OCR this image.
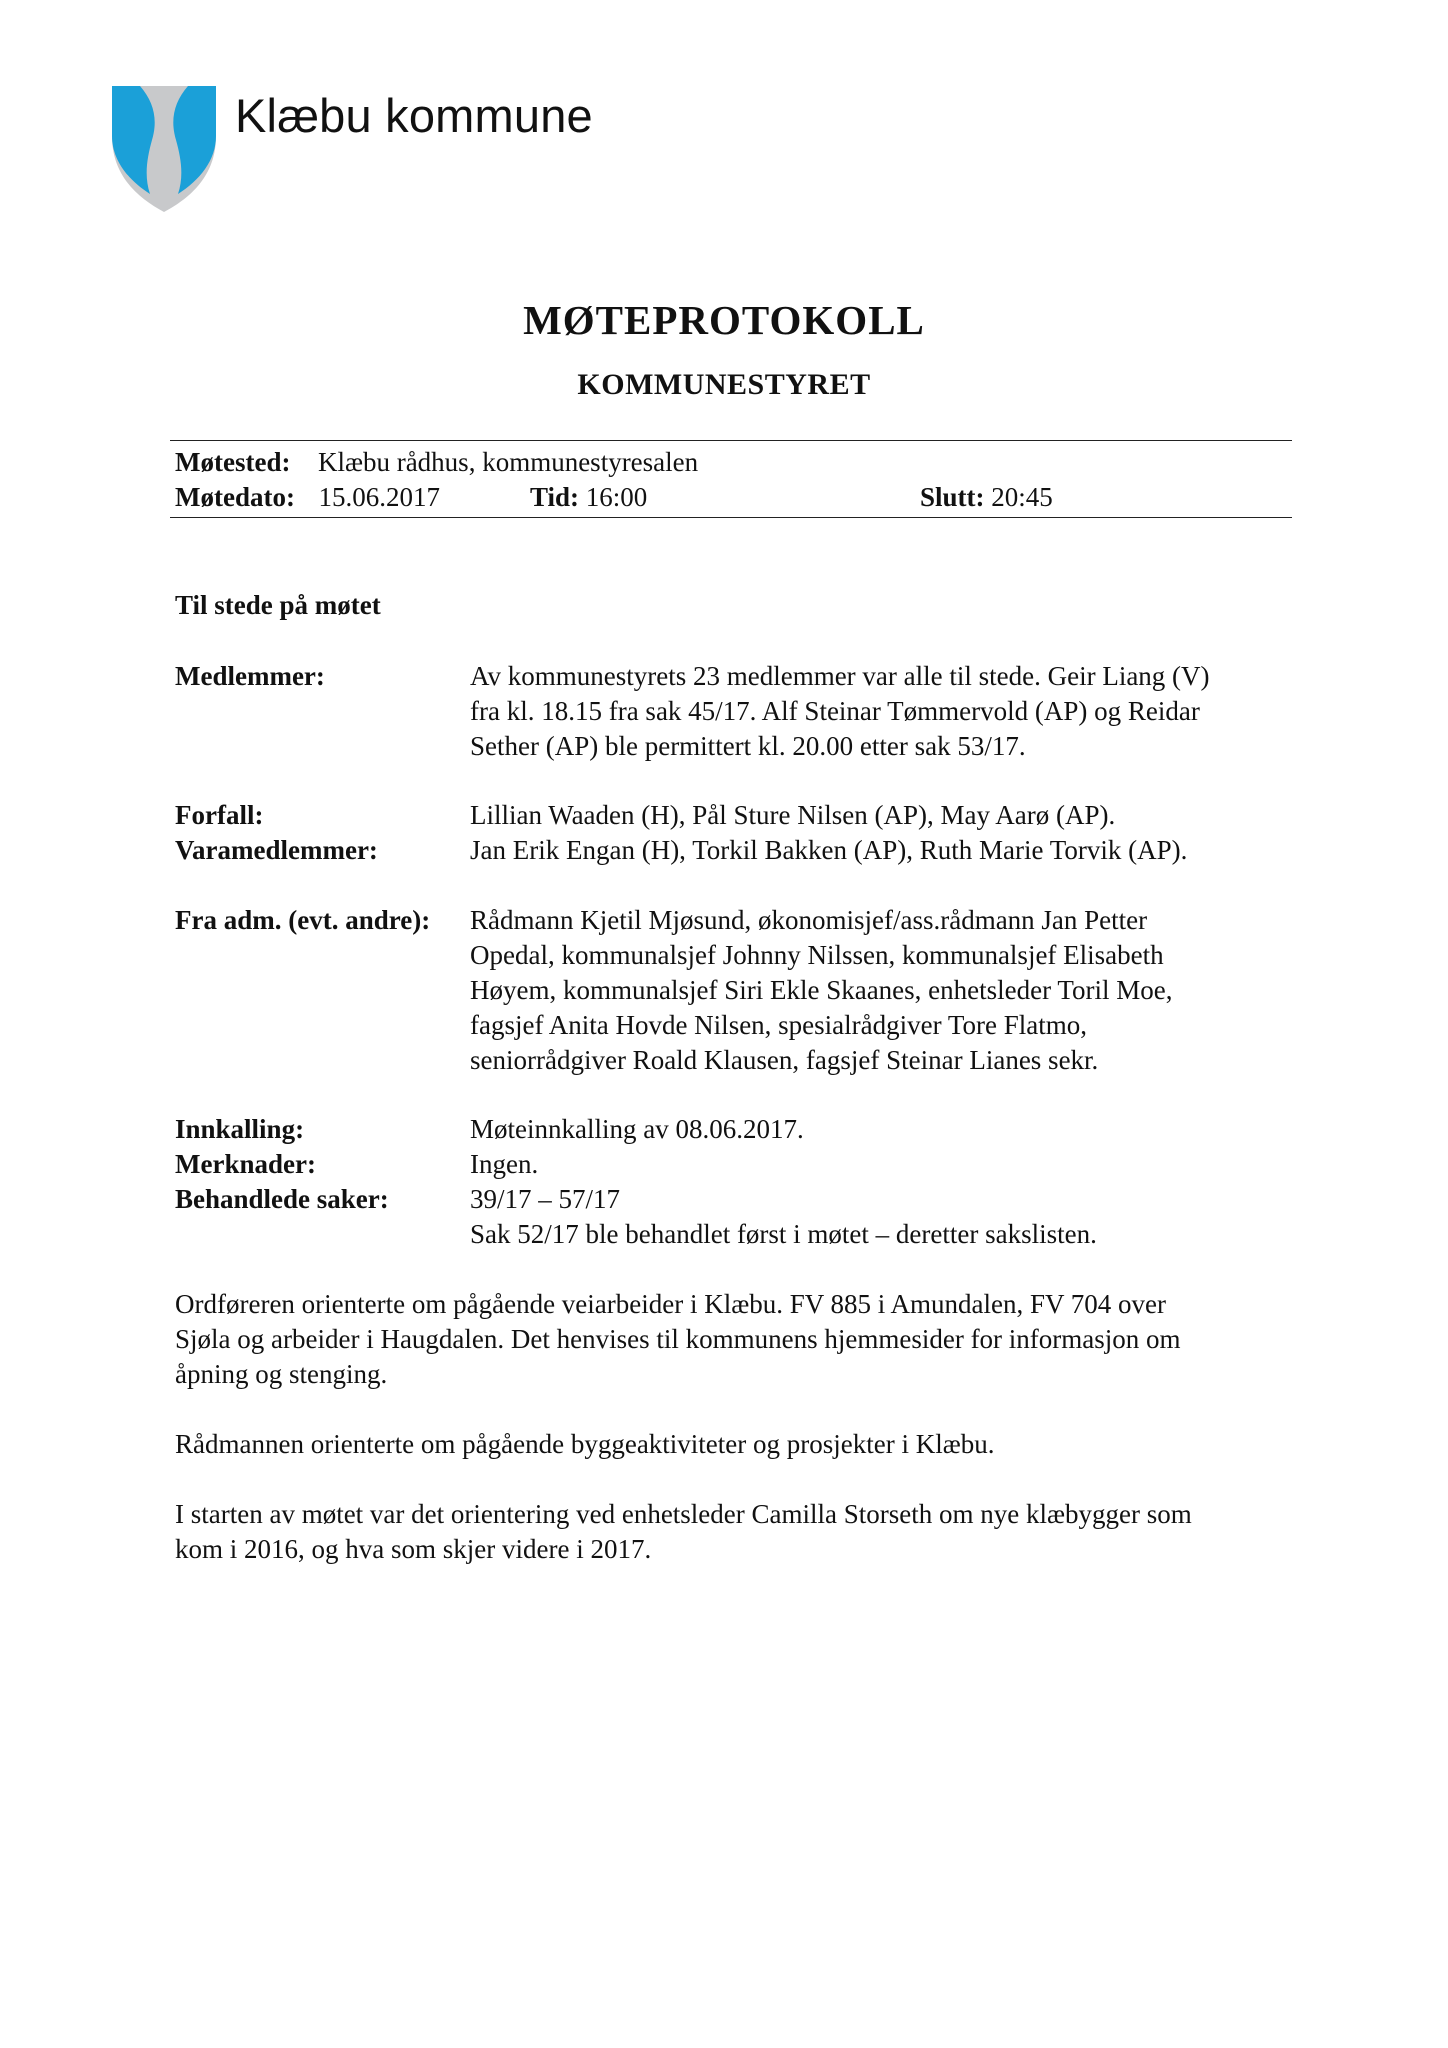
Klæbu kommune
MØTEPROTOKOLL
KOMMUNESTYRET
Møtested: Klæbu rådhus, kommunestyresalen
Møtedato: 15.06.2017	Tid: 16:00	Slutt: 20:45
Til stede på møtet
Medlemmer:	Av kommunestyrets 23 medlemmer var alle til stede. Geir Liang (V)
fra kl. 18.15 fra sak 45/17. Alf Steinar Tømmervold (AP) og Reidar
Sether (AP) ble permittert kl. 20.00 etter sak 53/17.
Forfall:	Lillian Waaden (H), Pål Sture Nilsen (AP), May Aarø (AP).
Varamedlemmer:	Jan Erik Engan (H), Torkil Bakken (AP), Ruth Marie Torvik (AP).
Fra adm. (evt. andre): Rådmann Kjetil Mjøsund, økonomisjef/ass.rådmann Jan Petter
Opedal, kommunalsjef Johnny Nilssen, kommunalsjef Elisabeth
Høyem, kommunalsjef Siri Ekle Skaanes, enhetsleder Toril Moe,
fagsjef Anita Hovde Nilsen, spesialrådgiver Tore Flatmo,
seniorrådgiver Roald Klausen, fagsjef Steinar Lianes sekr.
Innkalling:	Møteinnkalling av 08.06.2017.
Merknader:	Ingen.
Behandlede saker:	39/17 – 57/17
Sak 52/17 ble behandlet først i møtet – deretter sakslisten.
Ordføreren orienterte om pågående veiarbeider i Klæbu. FV 885 i Amundalen, FV 704 over
Sjøla og arbeider i Haugdalen. Det henvises til kommunens hjemmesider for informasjon om
åpning og stenging.
Rådmannen orienterte om pågående byggeaktiviteter og prosjekter i Klæbu.
I starten av møtet var det orientering ved enhetsleder Camilla Storseth om nye klæbygger som
kom i 2016, og hva som skjer videre i 2017.
